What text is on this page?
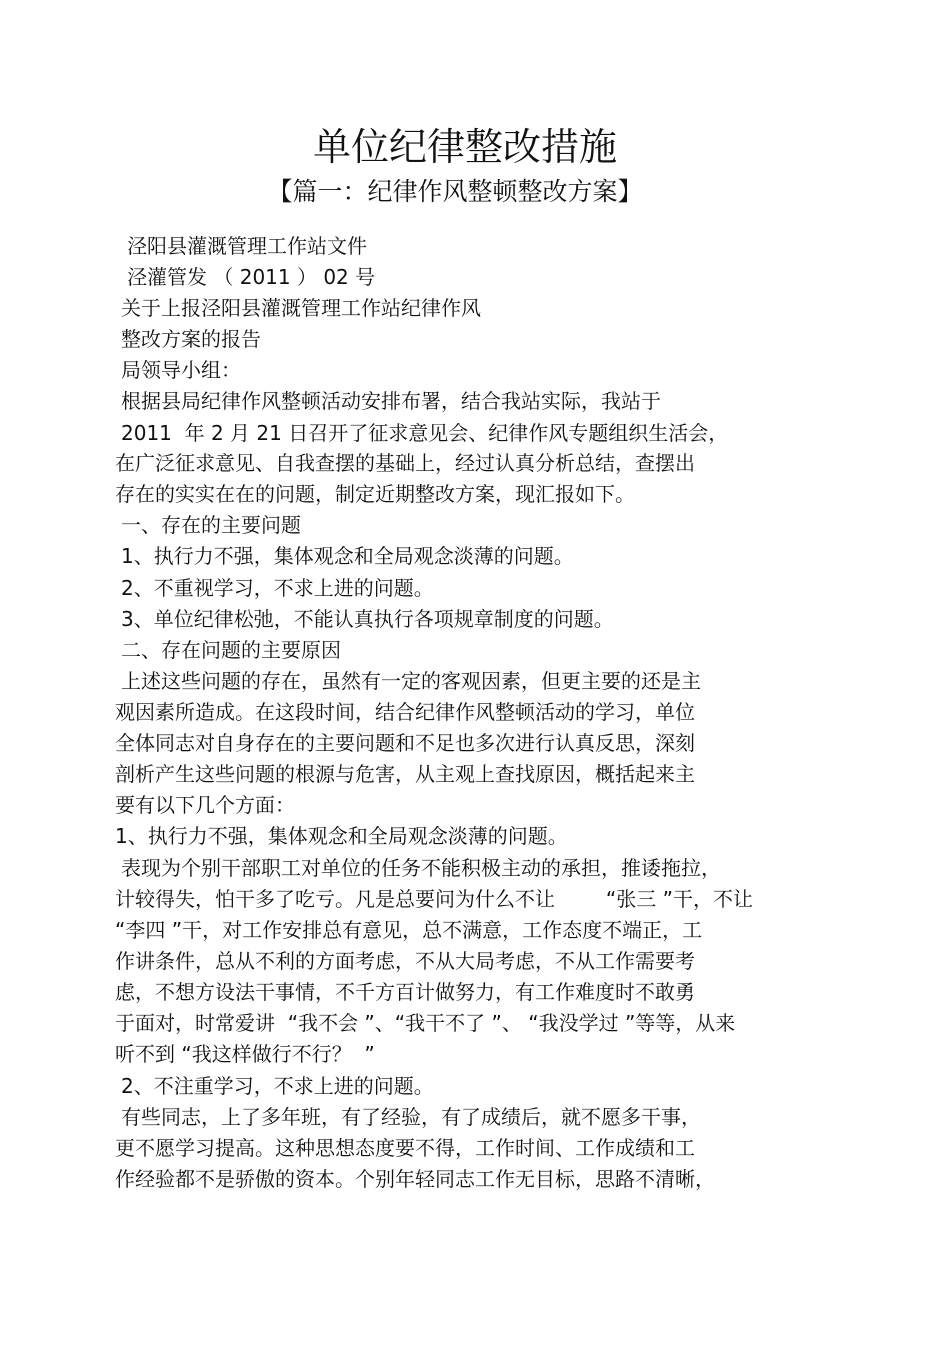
单位纪律整改措施
【篇一：纪律作风整顿整改方案】
泾阳县灌溉管理工作站文件
泾灌管发 （ 2011 ） 02 号
关于上报泾阳县灌溉管理工作站纪律作风
整改方案的报告
局领导小组：
根据县局纪律作风整顿活动安排布署，结合我站实际，我站于
2011  年 2 月 21 日召开了征求意见会、纪律作风专题组织生活会，
在广泛征求意见、自我查摆的基础上，经过认真分析总结，查摆出
存在的实实在在的问题，制定近期整改方案，现汇报如下。
一、存在的主要问题
1、执行力不强，集体观念和全局观念淡薄的问题。
2、不重视学习，不求上进的问题。
3、单位纪律松弛，不能认真执行各项规章制度的问题。
二、存在问题的主要原因
上述这些问题的存在，虽然有一定的客观因素，但更主要的还是主
观因素所造成。在这段时间，结合纪律作风整顿活动的学习，单位
全体同志对自身存在的主要问题和不足也多次进行认真反思，深刻
剖析产生这些问题的根源与危害，从主观上查找原因，概括起来主
要有以下几个方面：
1、执行力不强，集体观念和全局观念淡薄的问题。
表现为个别干部职工对单位的任务不能积极主动的承担，推诿拖拉，
计较得失，怕干多了吃亏。凡是总要问为什么不让        “张三 ”干，不让
“李四 ”干，对工作安排总有意见，总不满意，工作态度不端正，工
作讲条件，总从不利的方面考虑，不从大局考虑，不从工作需要考
虑，不想方设法干事情，不千方百计做努力，有工作难度时不敢勇
于面对，时常爱讲  “我不会 ”、“我干不了 ”、 “我没学过 ”等等，从来
听不到 “我这样做行不行？  ”
2、不注重学习，不求上进的问题。
有些同志，上了多年班，有了经验，有了成绩后，就不愿多干事，
更不愿学习提高。这种思想态度要不得，工作时间、工作成绩和工
作经验都不是骄傲的资本。个别年轻同志工作无目标，思路不清晰，
